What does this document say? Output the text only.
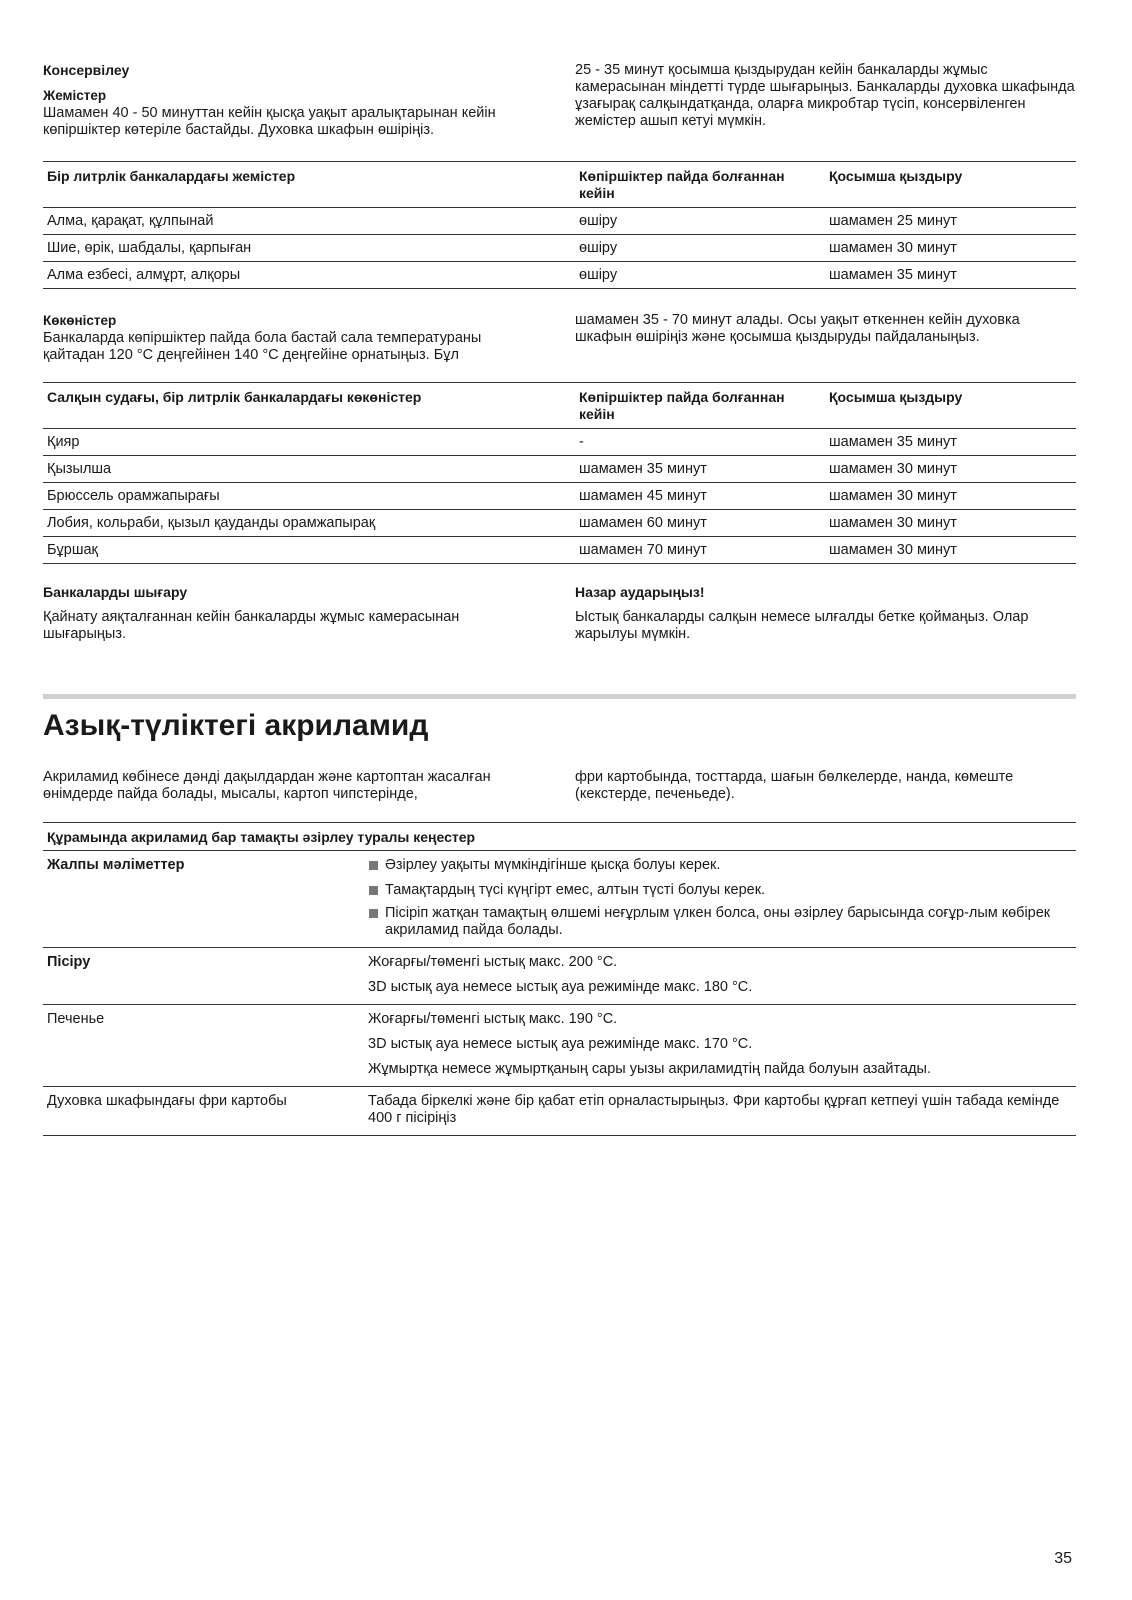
Консервілеу
Жемістер
Шамамен 40 - 50 минуттан кейін қысқа уақыт аралықтарынан кейін көпіршіктер көтеріле бастайды. Духовка шкафын өшіріңіз.
25 - 35 минут қосымша қыздырудан кейін банкаларды жұмыс камерасынан міндетті түрде шығарыңыз. Банкаларды духовка шкафында ұзағырақ салқындатқанда, оларға микробтар түсіп, консервіленген жемістер ашып кетуі мүмкін.
Бір литрлік банкалардағы жемістер	Көпіршіктер пайда болғаннан кейін	Қосымша қыздыру
Алма, қарақат, құлпынай	өшіру	шамамен 25 минут
Шие, өрік, шабдалы, қарпыған	өшіру	шамамен 30 минут
Алма езбесі, алмұрт, алқоры	өшіру	шамамен 35 минут
Көкөністер
Банкаларда көпіршіктер пайда бола бастай сала температураны қайтадан 120 °C деңгейінен 140 °C деңгейіне орнатыңыз. Бұл
шамамен 35 - 70 минут алады. Осы уақыт өткеннен кейін духовка шкафын өшіріңіз және қосымша қыздыруды пайдаланыңыз.
Салқын судағы, бір литрлік банкалардағы көкөністер	Көпіршіктер пайда болғаннан кейін	Қосымша қыздыру
Қияр	-	шамамен 35 минут
Қызылша	шамамен 35 минут	шамамен 30 минут
Брюссель орамжапырағы	шамамен 45 минут	шамамен 30 минут
Лобия, кольраби, қызыл қауданды орамжапырақ	шамамен 60 минут	шамамен 30 минут
Бұршақ	шамамен 70 минут	шамамен 30 минут
Банкаларды шығару
Қайнату аяқталғаннан кейін банкаларды жұмыс камерасынан шығарыңыз.
Назар аударыңыз!
Ыстық банкаларды салқын немесе ылғалды бетке қоймаңыз. Олар жарылуы мүмкін.
Азық-түліктегі акриламид
Акриламид көбінесе дәнді дақылдардан және картоптан жасалған өнімдерде пайда болады, мысалы, картоп чипстерінде,
фри картобында, тосттарда, шағын бөлкелерде, нанда, көмеште (кекстерде, печеньеде).
Құрамында акриламид бар тамақты әзірлеу туралы кеңестер
Жалпы мәліметтер	Әзірлеу уақыты мүмкіндігінше қысқа болуы керек.
Тамақтардың түсі күңгірт емес, алтын түсті болуы керек.
Пісіріп жатқан тамақтың өлшемі неғұрлым үлкен болса, оны әзірлеу барысында соғұр-лым көбірек акриламид пайда болады.
Пісіру	Жоғарғы/төменгі ыстық макс. 200 °C.
3D ыстық ауа немесе ыстық ауа режимінде макс. 180 °C.
Печенье	Жоғарғы/төменгі ыстық макс. 190 °C.
3D ыстық ауа немесе ыстық ауа режимінде макс. 170 °C.
Жұмыртқа немесе жұмыртқаның сары уызы акриламидтің пайда болуын азайтады.
Духовка шкафындағы фри картобы	Табада біркелкі және бір қабат етіп орналастырыңыз. Фри картобы құрғап кетпеуі үшін табада кемінде 400 г пісіріңіз
35
